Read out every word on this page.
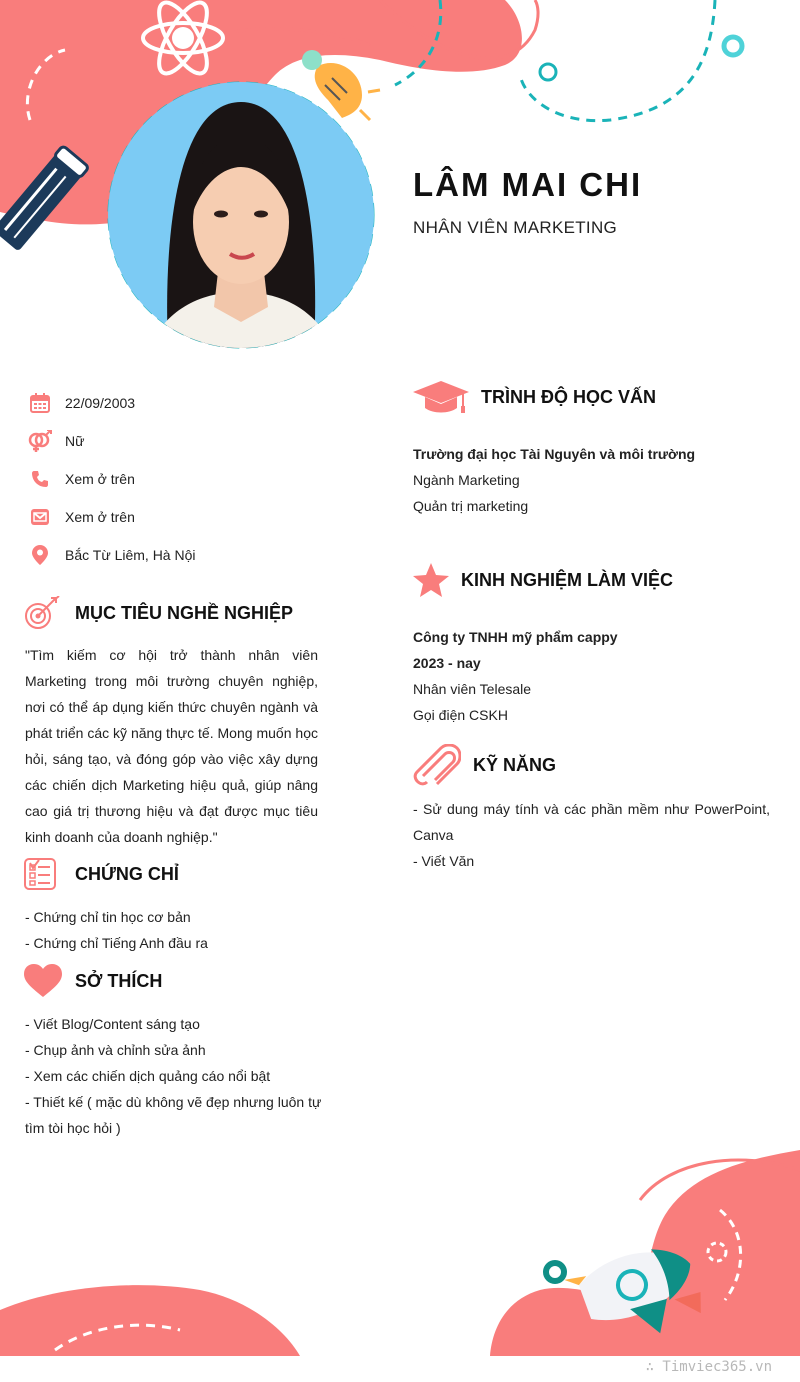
LÂM MAI CHI
NHÂN VIÊN MARKETING
22/09/2003
Nữ
Xem ở trên
Xem ở trên
Bắc Từ Liêm, Hà Nội
MỤC TIÊU NGHỀ NGHIỆP
"Tìm kiếm cơ hội trở thành nhân viên Marketing trong môi trường chuyên nghiệp, nơi có thể áp dụng kiến thức chuyên ngành và phát triển các kỹ năng thực tế. Mong muốn học hỏi, sáng tạo, và đóng góp vào việc xây dựng các chiến dịch Marketing hiệu quả, giúp nâng cao giá trị thương hiệu và đạt được mục tiêu kinh doanh của doanh nghiệp."
CHỨNG CHỈ
- Chứng chỉ tin học cơ bản
- Chứng chỉ Tiếng Anh đầu ra
SỞ THÍCH
- Viết Blog/Content sáng tạo
- Chụp ảnh và chỉnh sửa ảnh
- Xem các chiến dịch quảng cáo nổi bật
- Thiết kế ( mặc dù không vẽ đẹp nhưng luôn tự
tìm tòi học hỏi )
TRÌNH ĐỘ HỌC VẤN
Trường đại học Tài Nguyên và môi trường
Ngành Marketing
Quản trị marketing
KINH NGHIỆM LÀM VIỆC
Công ty TNHH mỹ phẩm cappy
2023 - nay
Nhân viên Telesale
Gọi điện CSKH
KỸ NĂNG
- Sử dung máy tính và các phần mềm như PowerPoint, Canva
- Viết Văn
∴ Timviec365.vn
